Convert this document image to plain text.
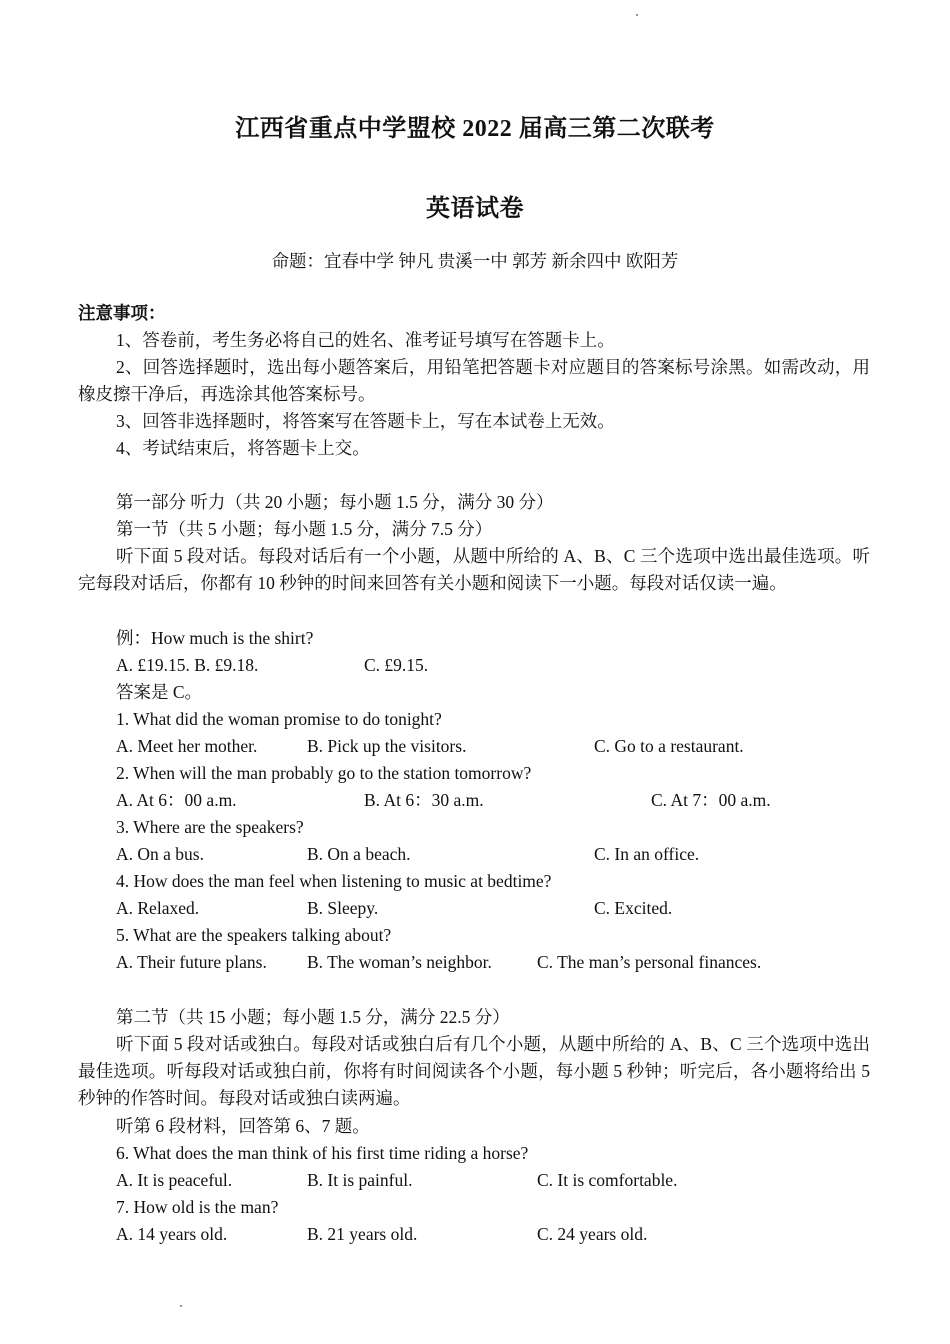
江西省重点中学盟校 2022 届高三第二次联考
英语试卷
命题：宜春中学 钟凡 贵溪一中 郭芳 新余四中 欧阳芳
注意事项：
1、答卷前，考生务必将自己的姓名、准考证号填写在答题卡上。
2、回答选择题时，选出每小题答案后，用铅笔把答题卡对应题目的答案标号涂黑。如需改动，用 橡皮擦干净后，再选涂其他答案标号。
3、回答非选择题时，将答案写在答题卡上，写在本试卷上无效。
4、考试结束后，将答题卡上交。
第一部分 听力（共 20 小题；每小题 1.5 分，满分 30 分）
第一节（共 5 小题；每小题 1.5 分，满分 7.5 分）
听下面 5 段对话。每段对话后有一个小题，从题中所给的 A、B、C 三个选项中选出最佳选项。听 完每段对话后，你都有 10 秒钟的时间来回答有关小题和阅读下一小题。每段对话仅读一遍。
例：How much is the shirt?
A. £19.15. B. £9.18.	C. £9.15.
答案是 C。
1. What did the woman promise to do tonight?
A. Meet her mother.	B. Pick up the visitors.	C. Go to a restaurant.
2. When will the man probably go to the station tomorrow?
A. At 6：00 a.m.	B. At 6：30 a.m.	C. At 7：00 a.m.
3. Where are the speakers?
A. On a bus.	B. On a beach.	C. In an office.
4. How does the man feel when listening to music at bedtime?
A. Relaxed.	B. Sleepy.	C. Excited.
5. What are the speakers talking about?
A. Their future plans. B. The woman’s neighbor.	C. The man’s personal finances.
第二节（共 15 小题；每小题 1.5 分，满分 22.5 分）
听下面 5 段对话或独白。每段对话或独白后有几个小题，从题中所给的 A、B、C 三个选项中选出 最佳选项。听每段对话或独白前，你将有时间阅读各个小题，每小题 5 秒钟；听完后，各小题将给出 5 秒钟的作答时间。每段对话或独白读两遍。
听第 6 段材料，回答第 6、7 题。
6. What does the man think of his first time riding a horse?
A. It is peaceful.	B. It is painful.	C. It is comfortable.
7. How old is the man?
A. 14 years old.	B. 21 years old.	C. 24 years old.
